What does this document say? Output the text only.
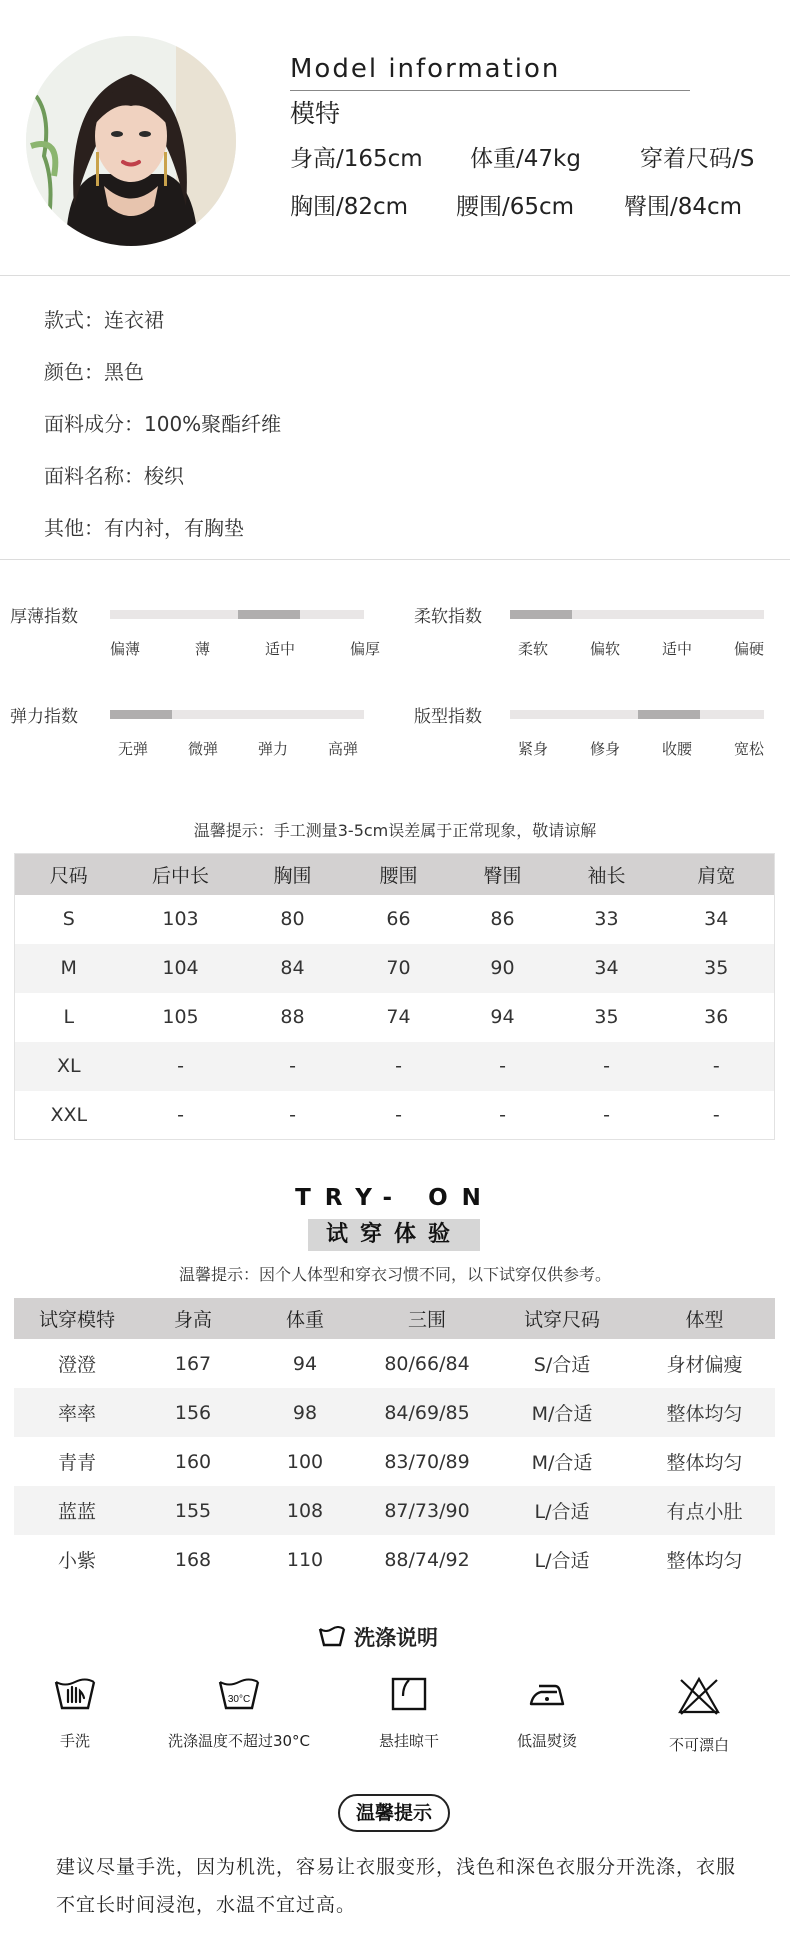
Model information
模特
身高/165cm	体重/47kg	穿着尺码/S
胸围/82cm	腰围/65cm	臀围/84cm
款式：连衣裙
颜色：黑色
面料成分：100%聚酯纤维
面料名称：梭织
其他：有内衬，有胸垫
厚薄指数
偏薄	薄	适中	偏厚
柔软指数
柔软	偏软	适中	偏硬
弹力指数
无弹	微弹	弹力	高弹
版型指数
紧身	修身	收腰	宽松
温馨提示：手工测量3-5cm误差属于正常现象，敬请谅解
尺码	后中长	胸围	腰围	臀围	袖长	肩宽
S	103	80	66	86	33	34
M	104	84	70	90	34	35
L	105	88	74	94	35	36
XL	-	-	-	-	-	-
XXL	-	-	-	-	-	-
TRY- ON
试穿体验
温馨提示：因个人体型和穿衣习惯不同，以下试穿仅供参考。
试穿模特	身高	体重	三围	试穿尺码	体型
澄澄	167	94	80/66/84	S/合适	身材偏瘦
率率	156	98	84/69/85	M/合适	整体均匀
青青	160	100	83/70/89	M/合适	整体均匀
蓝蓝	155	108	87/73/90	L/合适	有点小肚
小紫	168	110	88/74/92	L/合适	整体均匀
洗涤说明
手洗
30°C
洗涤温度不超过30°C	悬挂晾干	低温熨烫	不可漂白
温馨提示
建议尽量手洗，因为机洗，容易让衣服变形，浅色和深色衣服分开洗涤，衣服不宜长时间浸泡，水温不宜过高。
